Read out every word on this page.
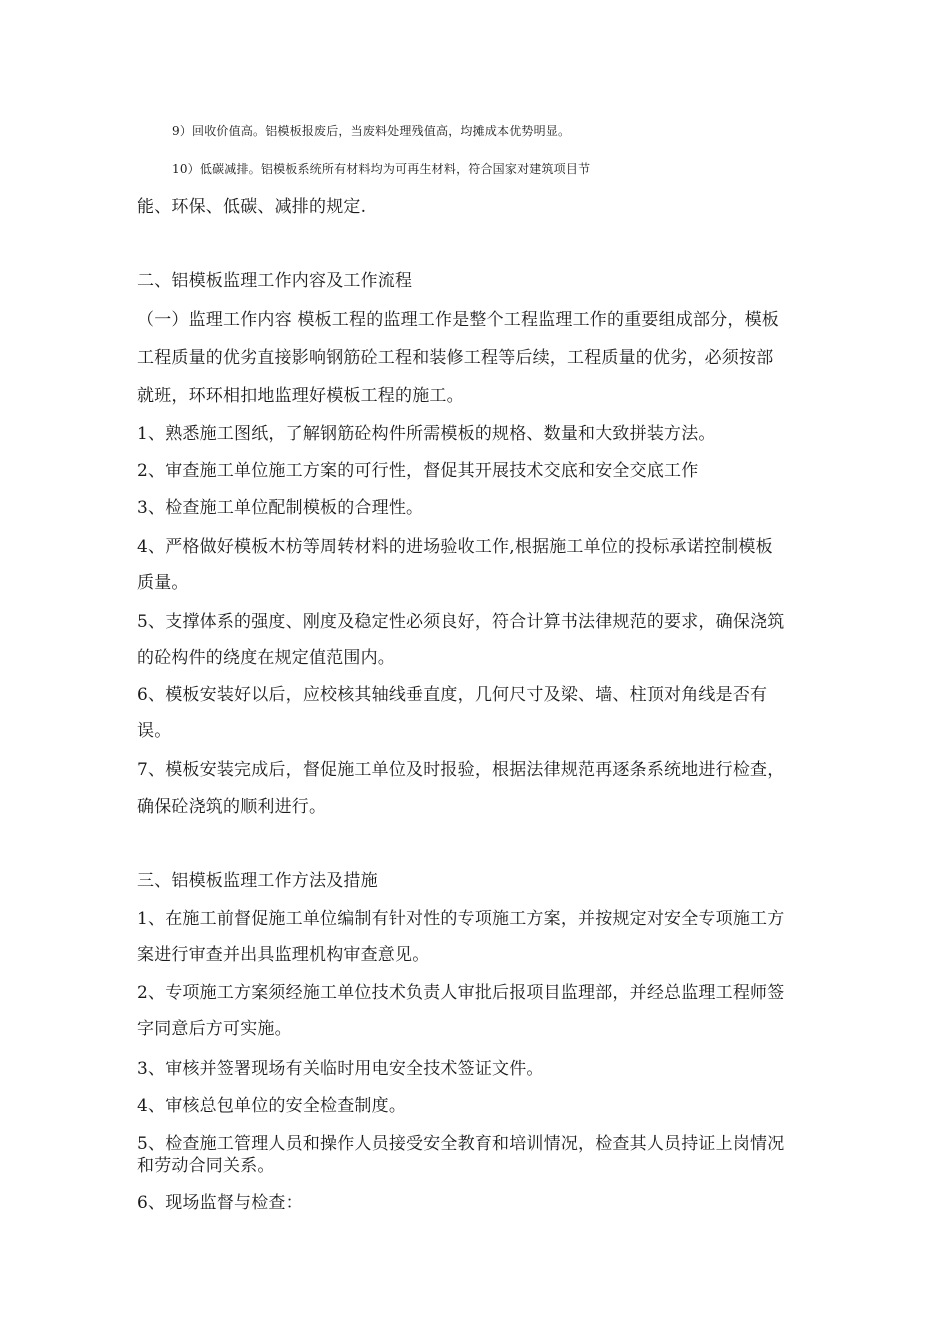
9）回收价值高。铝模板报废后，当废料处理残值高，均摊成本优势明显。
10）低碳减排。铝模板系统所有材料均为可再生材料，符合国家对建筑项目节
能、环保、低碳、减排的规定.
二、铝模板监理工作内容及工作流程
（一）监理工作内容 模板工程的监理工作是整个工程监理工作的重要组成部分，模板
工程质量的优劣直接影响钢筋砼工程和装修工程等后续，工程质量的优劣，必须按部
就班，环环相扣地监理好模板工程的施工。
1、熟悉施工图纸，了解钢筋砼构件所需模板的规格、数量和大致拼装方法。
2、审查施工单位施工方案的可行性，督促其开展技术交底和安全交底工作
3、检查施工单位配制模板的合理性。
4、严格做好模板木枋等周转材料的进场验收工作,根据施工单位的投标承诺控制模板
质量。
5、支撑体系的强度、刚度及稳定性必须良好，符合计算书法律规范的要求，确保浇筑
的砼构件的绕度在规定值范围内。
6、模板安装好以后，应校核其轴线垂直度，几何尺寸及梁、墙、柱顶对角线是否有
误。
7、模板安装完成后，督促施工单位及时报验，根据法律规范再逐条系统地进行检查，
确保砼浇筑的顺利进行。
三、铝模板监理工作方法及措施
1、在施工前督促施工单位编制有针对性的专项施工方案，并按规定对安全专项施工方
案进行审查并出具监理机构审查意见。
2、专项施工方案须经施工单位技术负责人审批后报项目监理部，并经总监理工程师签
字同意后方可实施。
3、审核并签署现场有关临时用电安全技术签证文件。
4、审核总包单位的安全检查制度。
5、检查施工管理人员和操作人员接受安全教育和培训情况，检查其人员持证上岗情况
和劳动合同关系。
6、现场监督与检查：
